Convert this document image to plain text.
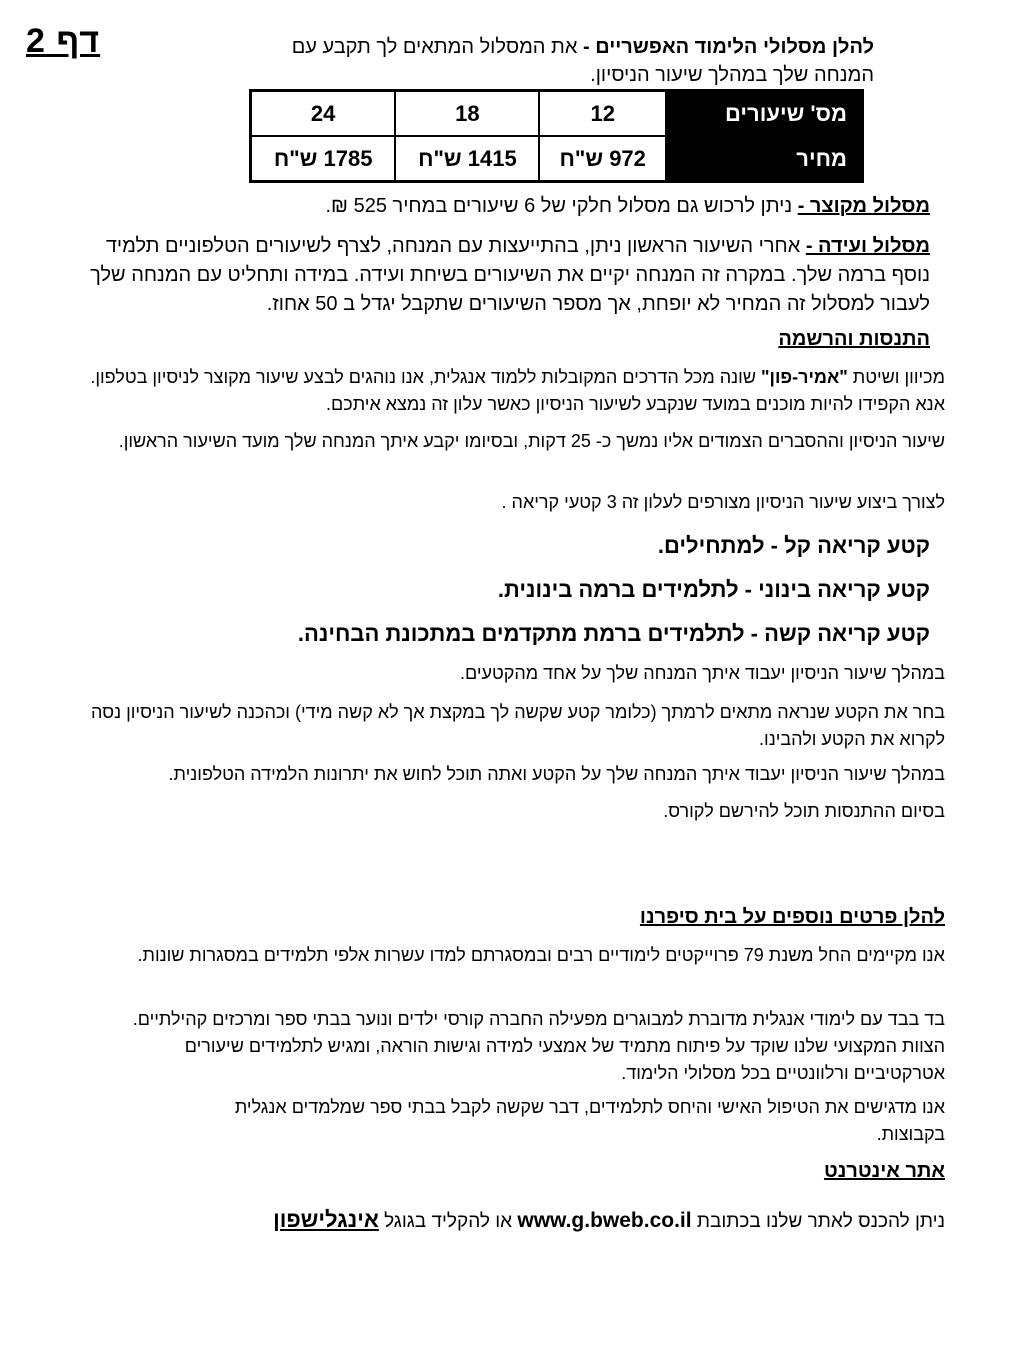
דף 2	להלן מסלולי הלימוד האפשריים - את המסלול המתאים לך תקבע עם המנחה שלך במהלך שיעור הניסיון.
מס' שיעורים	12	18	24
מחיר	972 ש"ח	1415 ש"ח	1785 ש"ח
מסלול מקוצר - ניתן לרכוש גם מסלול חלקי של 6 שיעורים במחיר 525 ₪.
מסלול ועידה - אחרי השיעור הראשון ניתן, בהתייעצות עם המנחה, לצרף לשיעורים הטלפוניים תלמיד נוסף ברמה שלך. במקרה זה המנחה יקיים את השיעורים בשיחת ועידה. במידה ותחליט עם המנחה שלך לעבור למסלול זה המחיר לא יופחת, אך מספר השיעורים שתקבל יגדל ב 50 אחוז.
התנסות והרשמה
מכיוון ושיטת "אמיר-פון" שונה מכל הדרכים המקובלות ללמוד אנגלית, אנו נוהגים לבצע שיעור מקוצר לניסיון בטלפון. אנא הקפידו להיות מוכנים במועד שנקבע לשיעור הניסיון כאשר עלון זה נמצא איתכם.
שיעור הניסיון וההסברים הצמודים אליו נמשך כ- 25 דקות, ובסיומו יקבע איתך המנחה שלך מועד השיעור הראשון.
לצורך ביצוע שיעור הניסיון מצורפים לעלון זה 3 קטעי קריאה .
קטע קריאה קל - למתחילים.
קטע קריאה בינוני - לתלמידים ברמה בינונית.
קטע קריאה קשה - לתלמידים ברמת מתקדמים במתכונת הבחינה.
במהלך שיעור הניסיון יעבוד איתך המנחה שלך על אחד מהקטעים.
בחר את הקטע שנראה מתאים לרמתך (כלומר קטע שקשה לך במקצת אך לא קשה מידי) וכהכנה לשיעור הניסיון נסה לקרוא את הקטע ולהבינו.
במהלך שיעור הניסיון יעבוד איתך המנחה שלך על הקטע ואתה תוכל לחוש את יתרונות הלמידה הטלפונית.
בסיום ההתנסות תוכל להירשם לקורס.
להלן פרטים נוספים על בית סיפרנו
אנו מקיימים החל משנת 79 פרוייקטים לימודיים רבים ובמסגרתם למדו עשרות אלפי תלמידים במסגרות שונות.
בד בבד עם לימודי אנגלית מדוברת למבוגרים מפעילה החברה קורסי ילדים ונוער בבתי ספר ומרכזים קהילתיים. הצוות המקצועי שלנו שוקד על פיתוח מתמיד של אמצעי למידה וגישות הוראה, ומגיש לתלמידים שיעורים אטרקטיביים ורלוונטיים בכל מסלולי הלימוד.
אנו מדגישים את הטיפול האישי והיחס לתלמידים, דבר שקשה לקבל בבתי ספר שמלמדים אנגלית בקבוצות.
אתר אינטרנט
ניתן להכנס לאתר שלנו בכתובת www.g.bweb.co.il או להקליד בגוגל אינגלישפון
